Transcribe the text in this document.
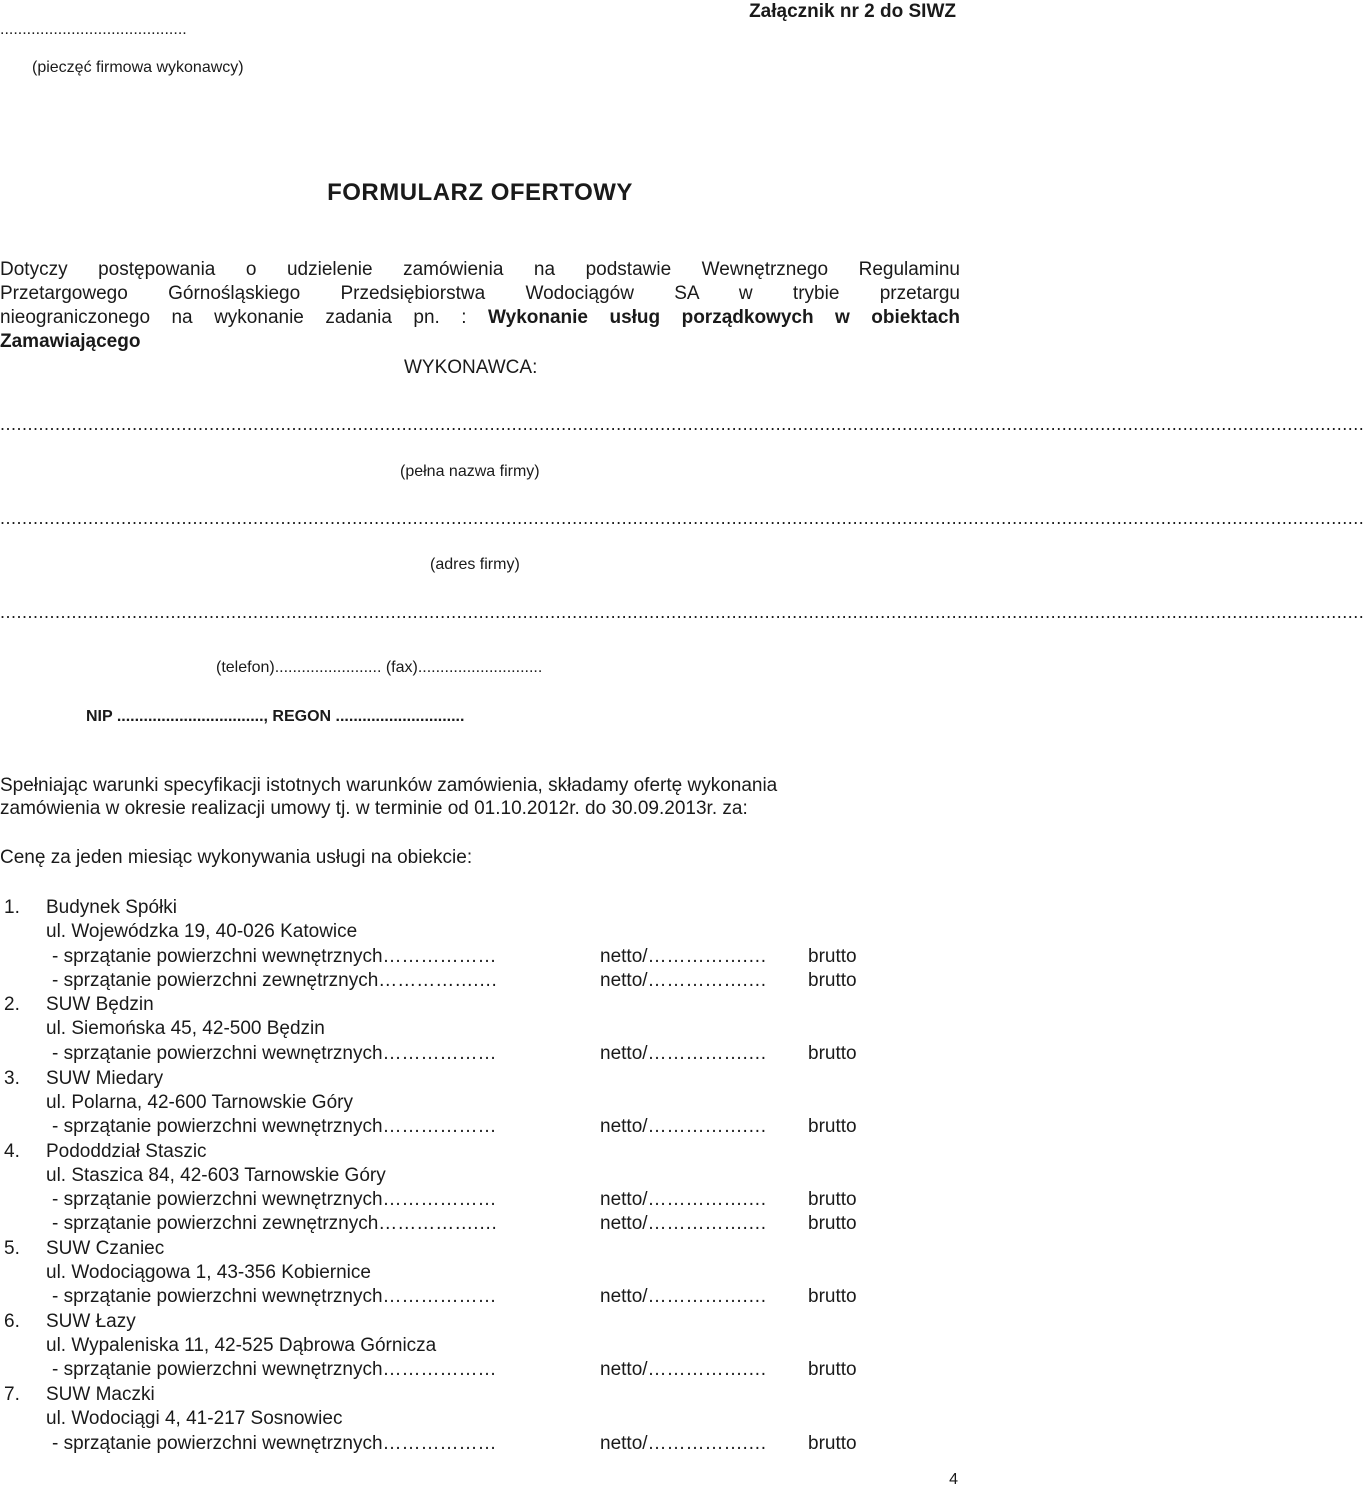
..........................................
(pieczęć firmowa wykonawcy)
Załącznik nr 2 do SIWZ
FORMULARZ OFERTOWY
Dotyczy postępowania o udzielenie zamówienia na podstawie Wewnętrznego Regulaminu
Przetargowego Górnośląskiego Przedsiębiorstwa Wodociągów SA w trybie przetargu
nieograniczonego na wykonanie zadania pn. : Wykonanie usług porządkowych w obiektach
Zamawiającego
WYKONAWCA:
........................................................................................................................................................................................................................................................
(pełna nazwa firmy)
........................................................................................................................................................................................................................................................
(adres firmy)
........................................................................................................................................................................................................................................................
(telefon)........................ (fax)............................
NIP ................................., REGON .............................
Spełniając warunki specyfikacji istotnych warunków zamówienia, składamy ofertę wykonania
zamówienia w okresie realizacji umowy tj. w terminie od 01.10.2012r. do 30.09.2013r. za:
Cenę za jeden miesiąc wykonywania usługi na obiekcie:
1. Budynek Spółki
ul. Wojewódzka 19, 40-026 Katowice
- sprzątanie powierzchni wewnętrznych………………	netto/…………….… brutto
- sprzątanie powierzchni zewnętrznych…………….…	netto/…………….… brutto
2. SUW Będzin
ul. Siemońska 45, 42-500 Będzin
- sprzątanie powierzchni wewnętrznych………………	netto/…………….… brutto
3. SUW Miedary
ul. Polarna, 42-600 Tarnowskie Góry
- sprzątanie powierzchni wewnętrznych………………	netto/…………….… brutto
4. Pododdział Staszic
ul. Staszica 84, 42-603 Tarnowskie Góry
- sprzątanie powierzchni wewnętrznych………………	netto/…………….… brutto
- sprzątanie powierzchni zewnętrznych…………….…	netto/…………….… brutto
5. SUW Czaniec
ul. Wodociągowa 1, 43-356 Kobiernice
- sprzątanie powierzchni wewnętrznych………………	netto/…………….… brutto
6. SUW Łazy
ul. Wypaleniska 11, 42-525 Dąbrowa Górnicza
- sprzątanie powierzchni wewnętrznych………………	netto/…………….… brutto
7. SUW Maczki
ul. Wodociągi 4, 41-217 Sosnowiec
- sprzątanie powierzchni wewnętrznych………………	netto/…………….… brutto
4
